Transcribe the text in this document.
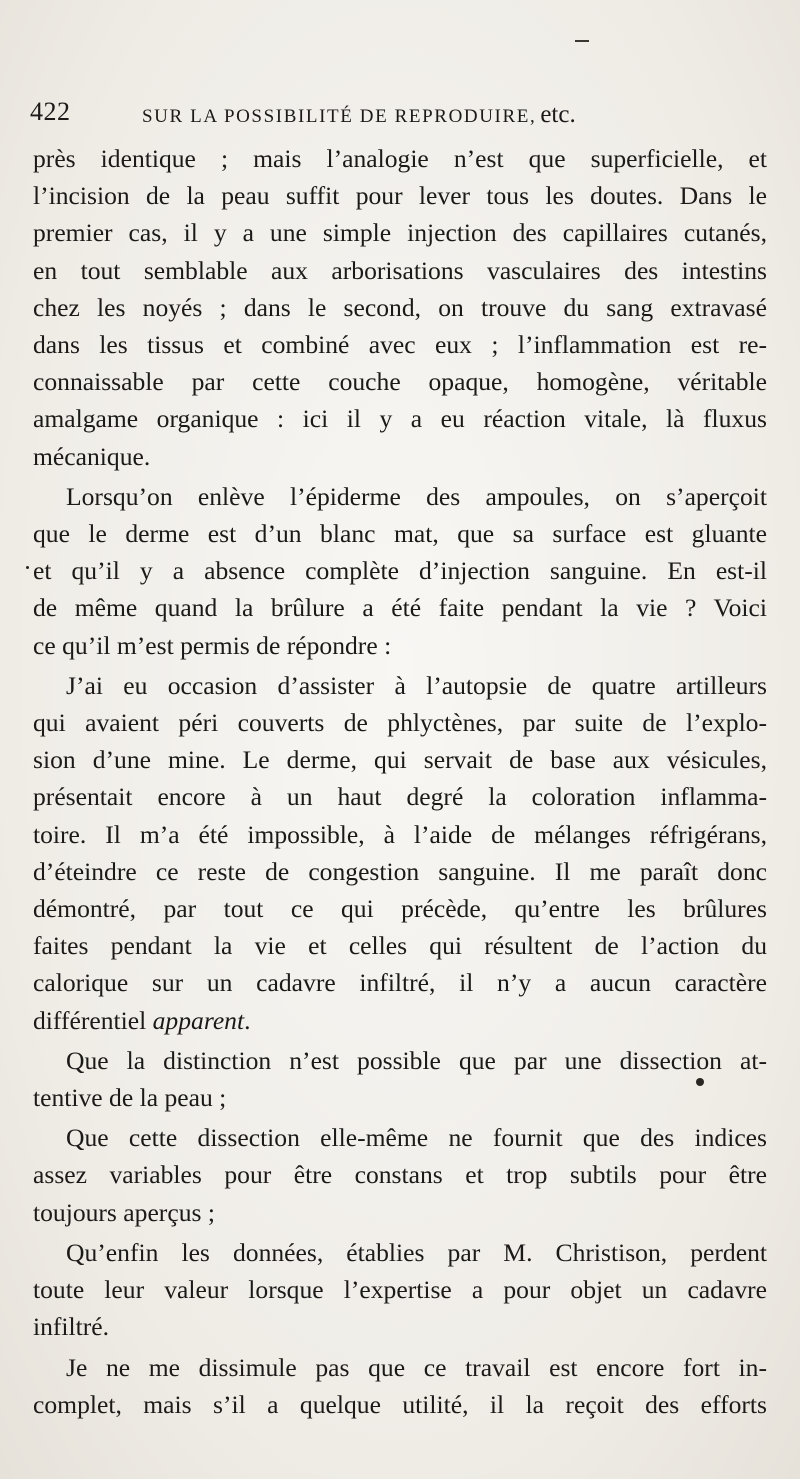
422	SUR LA POSSIBILITÉ DE REPRODUIRE, etc.

près identique ; mais l’analogie n’est que superficielle, et
l’incision de la peau suffit pour lever tous les doutes. Dans le
premier cas, il y a une simple injection des capillaires cutanés,
en tout semblable aux arborisations vasculaires des intestins
chez les noyés ; dans le second, on trouve du sang extravasé
dans les tissus et combiné avec eux ; l’inflammation est re-
connaissable par cette couche opaque, homogène, véritable
amalgame organique : ici il y a eu réaction vitale, là fluxus
mécanique.

Lorsqu’on enlève l’épiderme des ampoules, on s’aperçoit
que le derme est d’un blanc mat, que sa surface est gluante
et qu’il y a absence complète d’injection sanguine. En est-il
de même quand la brûlure a été faite pendant la vie ? Voici
ce qu’il m’est permis de répondre :

J’ai eu occasion d’assister à l’autopsie de quatre artilleurs
qui avaient péri couverts de phlyctènes, par suite de l’explo-
sion d’une mine. Le derme, qui servait de base aux vésicules,
présentait encore à un haut degré la coloration inflamma-
toire. Il m’a été impossible, à l’aide de mélanges réfrigérans,
d’éteindre ce reste de congestion sanguine. Il me paraît donc
démontré, par tout ce qui précède, qu’entre les brûlures
faites pendant la vie et celles qui résultent de l’action du
calorique sur un cadavre infiltré, il n’y a aucun caractère
différentiel apparent.

Que la distinction n’est possible que par une dissection at-
tentive de la peau ;

Que cette dissection elle-même ne fournit que des indices
assez variables pour être constans et trop subtils pour être
toujours aperçus ;

Qu’enfin les données, établies par M. Christison, perdent
toute leur valeur lorsque l’expertise a pour objet un cadavre
infiltré.

Je ne me dissimule pas que ce travail est encore fort in-
complet, mais s’il a quelque utilité, il la reçoit des efforts
